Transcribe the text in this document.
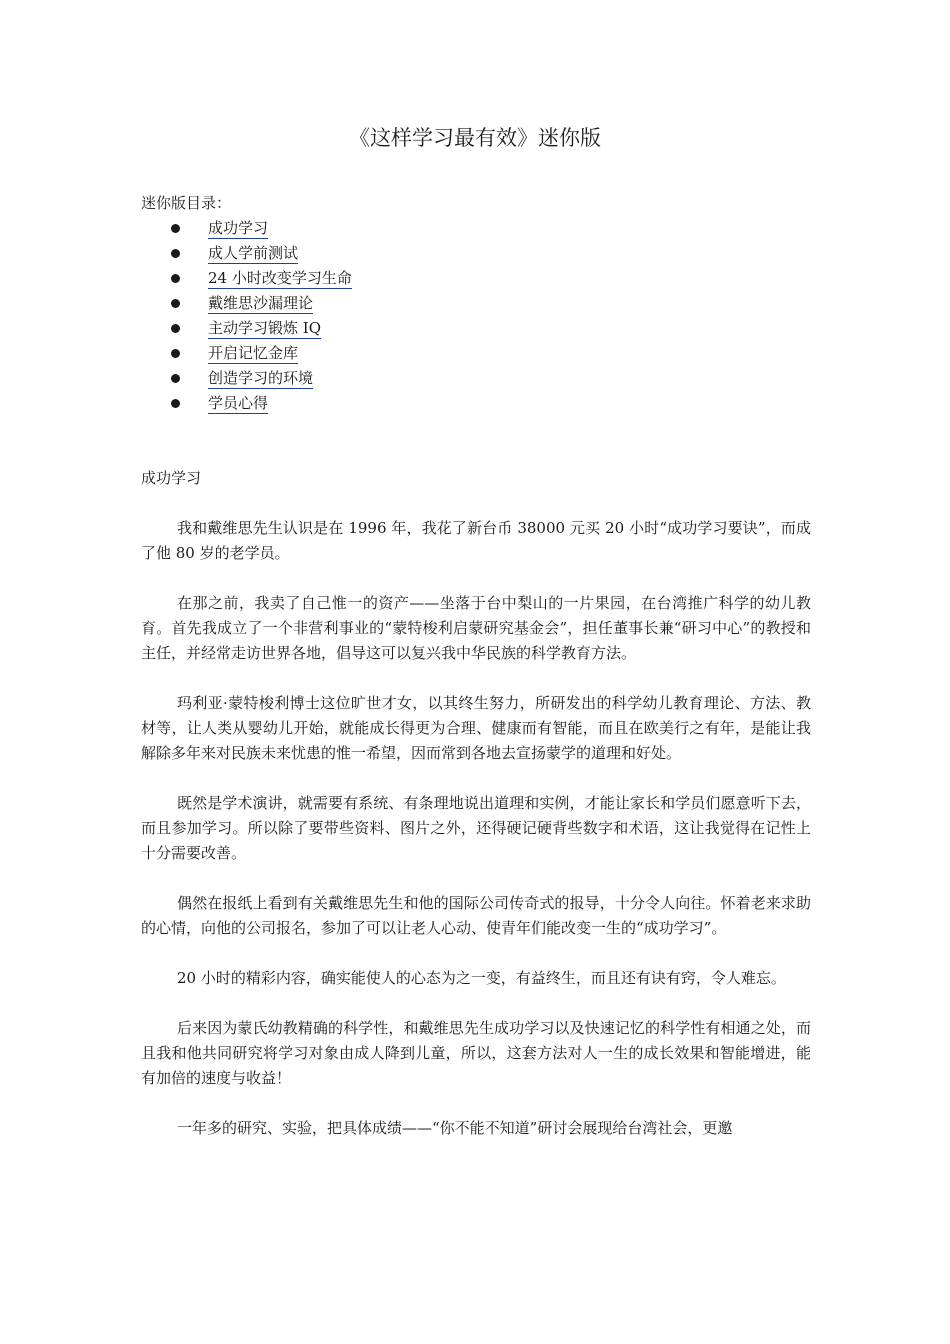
《这样学习最有效》迷你版

迷你版目录：

成功学习
成人学前测试
24 小时改变学习生命
戴维思沙漏理论
主动学习锻炼 IQ
开启记忆金库
创造学习的环境
学员心得

成功学习

我和戴维思先生认识是在 1996 年，我花了新台币 38000 元买 20 小时“成功学习要诀”，而成了他 80 岁的老学员。

在那之前，我卖了自己惟一的资产——坐落于台中梨山的一片果园，在台湾推广科学的幼儿教育。首先我成立了一个非营利事业的“蒙特梭利启蒙研究基金会”，担任董事长兼“研习中心”的教授和主任，并经常走访世界各地，倡导这可以复兴我中华民族的科学教育方法。

玛利亚·蒙特梭利博士这位旷世才女，以其终生努力，所研发出的科学幼儿教育理论、方法、教材等，让人类从婴幼儿开始，就能成长得更为合理、健康而有智能，而且在欧美行之有年，是能让我解除多年来对民族未来忧患的惟一希望，因而常到各地去宣扬蒙学的道理和好处。

既然是学术演讲，就需要有系统、有条理地说出道理和实例，才能让家长和学员们愿意听下去，而且参加学习。所以除了要带些资料、图片之外，还得硬记硬背些数字和术语，这让我觉得在记性上十分需要改善。

偶然在报纸上看到有关戴维思先生和他的国际公司传奇式的报导，十分令人向往。怀着老来求助的心情，向他的公司报名，参加了可以让老人心动、使青年们能改变一生的“成功学习”。

20 小时的精彩内容，确实能使人的心态为之一变，有益终生，而且还有诀有窍，令人难忘。

后来因为蒙氏幼教精确的科学性，和戴维思先生成功学习以及快速记忆的科学性有相通之处，而且我和他共同研究将学习对象由成人降到儿童，所以，这套方法对人一生的成长效果和智能增进，能有加倍的速度与收益！

一年多的研究、实验，把具体成绩——“你不能不知道”研讨会展现给台湾社会，更邀
